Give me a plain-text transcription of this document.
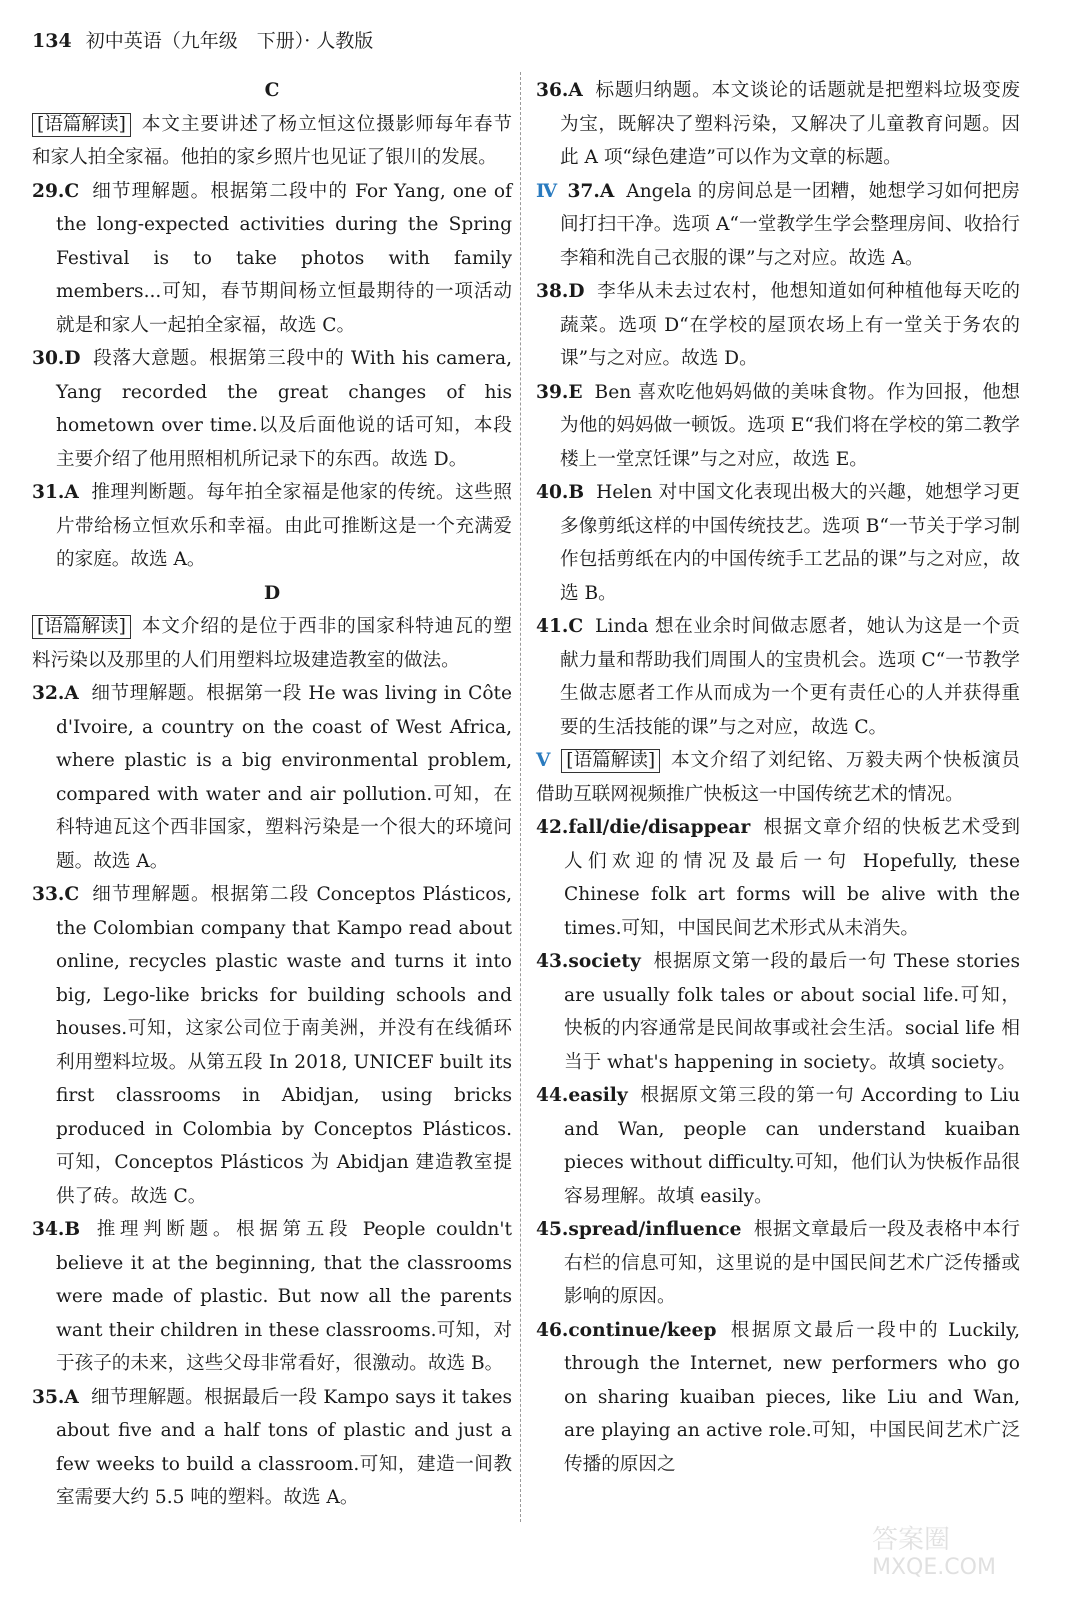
134 初中英语（九年级　下册）· 人教版
C
[语篇解读] 本文主要讲述了杨立恒这位摄影师每年春节和家人拍全家福。他拍的家乡照片也见证了银川的发展。
29.C 细节理解题。根据第二段中的 For Yang, one of the long-expected activities during the Spring Festival is to take photos with family members...可知，春节期间杨立恒最期待的一项活动就是和家人一起拍全家福，故选 C。
30.D 段落大意题。根据第三段中的 With his camera, Yang recorded the great changes of his hometown over time.以及后面他说的话可知，本段主要介绍了他用照相机所记录下的东西。故选 D。
31.A 推理判断题。每年拍全家福是他家的传统。这些照片带给杨立恒欢乐和幸福。由此可推断这是一个充满爱的家庭。故选 A。
D
[语篇解读] 本文介绍的是位于西非的国家科特迪瓦的塑料污染以及那里的人们用塑料垃圾建造教室的做法。
32.A 细节理解题。根据第一段 He was living in Côte d'Ivoire, a country on the coast of West Africa, where plastic is a big environmental problem, compared with water and air pollution.可知，在科特迪瓦这个西非国家，塑料污染是一个很大的环境问题。故选 A。
33.C 细节理解题。根据第二段 Conceptos Plásticos, the Colombian company that Kampo read about online, recycles plastic waste and turns it into big, Lego-like bricks for building schools and houses.可知，这家公司位于南美洲，并没有在线循环利用塑料垃圾。从第五段 In 2018, UNICEF built its first classrooms in Abidjan, using bricks produced in Colombia by Conceptos Plásticos. 可知，Conceptos Plásticos 为 Abidjan 建造教室提供了砖。故选 C。
34.B 推理判断题。根据第五段 People couldn't believe it at the beginning, that the classrooms were made of plastic. But now all the parents want their children in these classrooms.可知，对于孩子的未来，这些父母非常看好，很激动。故选 B。
35.A 细节理解题。根据最后一段 Kampo says it takes about five and a half tons of plastic and just a few weeks to build a classroom.可知，建造一间教室需要大约 5.5 吨的塑料。故选 A。
36.A 标题归纳题。本文谈论的话题就是把塑料垃圾变废为宝，既解决了塑料污染，又解决了儿童教育问题。因此 A 项“绿色建造”可以作为文章的标题。
Ⅳ 37.A Angela 的房间总是一团糟，她想学习如何把房间打扫干净。选项 A“一堂教学生学会整理房间、收拾行李箱和洗自己衣服的课”与之对应。故选 A。
38.D 李华从未去过农村，他想知道如何种植他每天吃的蔬菜。选项 D“在学校的屋顶农场上有一堂关于务农的课”与之对应。故选 D。
39.E Ben 喜欢吃他妈妈做的美味食物。作为回报，他想为他的妈妈做一顿饭。选项 E“我们将在学校的第二教学楼上一堂烹饪课”与之对应，故选 E。
40.B Helen 对中国文化表现出极大的兴趣，她想学习更多像剪纸这样的中国传统技艺。选项 B“一节关于学习制作包括剪纸在内的中国传统手工艺品的课”与之对应，故选 B。
41.C Linda 想在业余时间做志愿者，她认为这是一个贡献力量和帮助我们周围人的宝贵机会。选项 C“一节教学生做志愿者工作从而成为一个更有责任心的人并获得重要的生活技能的课”与之对应，故选 C。
Ⅴ [语篇解读] 本文介绍了刘纪铭、万毅夫两个快板演员借助互联网视频推广快板这一中国传统艺术的情况。
42.fall/die/disappear 根据文章介绍的快板艺术受到人们欢迎的情况及最后一句 Hopefully, these Chinese folk art forms will be alive with the times.可知，中国民间艺术形式从未消失。
43.society 根据原文第一段的最后一句 These stories are usually folk tales or about social life.可知，快板的内容通常是民间故事或社会生活。social life 相当于 what's happening in society。故填 society。
44.easily 根据原文第三段的第一句 According to Liu and Wan, people can understand kuaiban pieces without difficulty.可知，他们认为快板作品很容易理解。故填 easily。
45.spread/influence 根据文章最后一段及表格中本行右栏的信息可知，这里说的是中国民间艺术广泛传播或影响的原因。
46.continue/keep 根据原文最后一段中的 Luckily, through the Internet, new performers who go on sharing kuaiban pieces, like Liu and Wan, are playing an active role.可知，中国民间艺术广泛传播的原因之
答案圈
MXQE.COM
